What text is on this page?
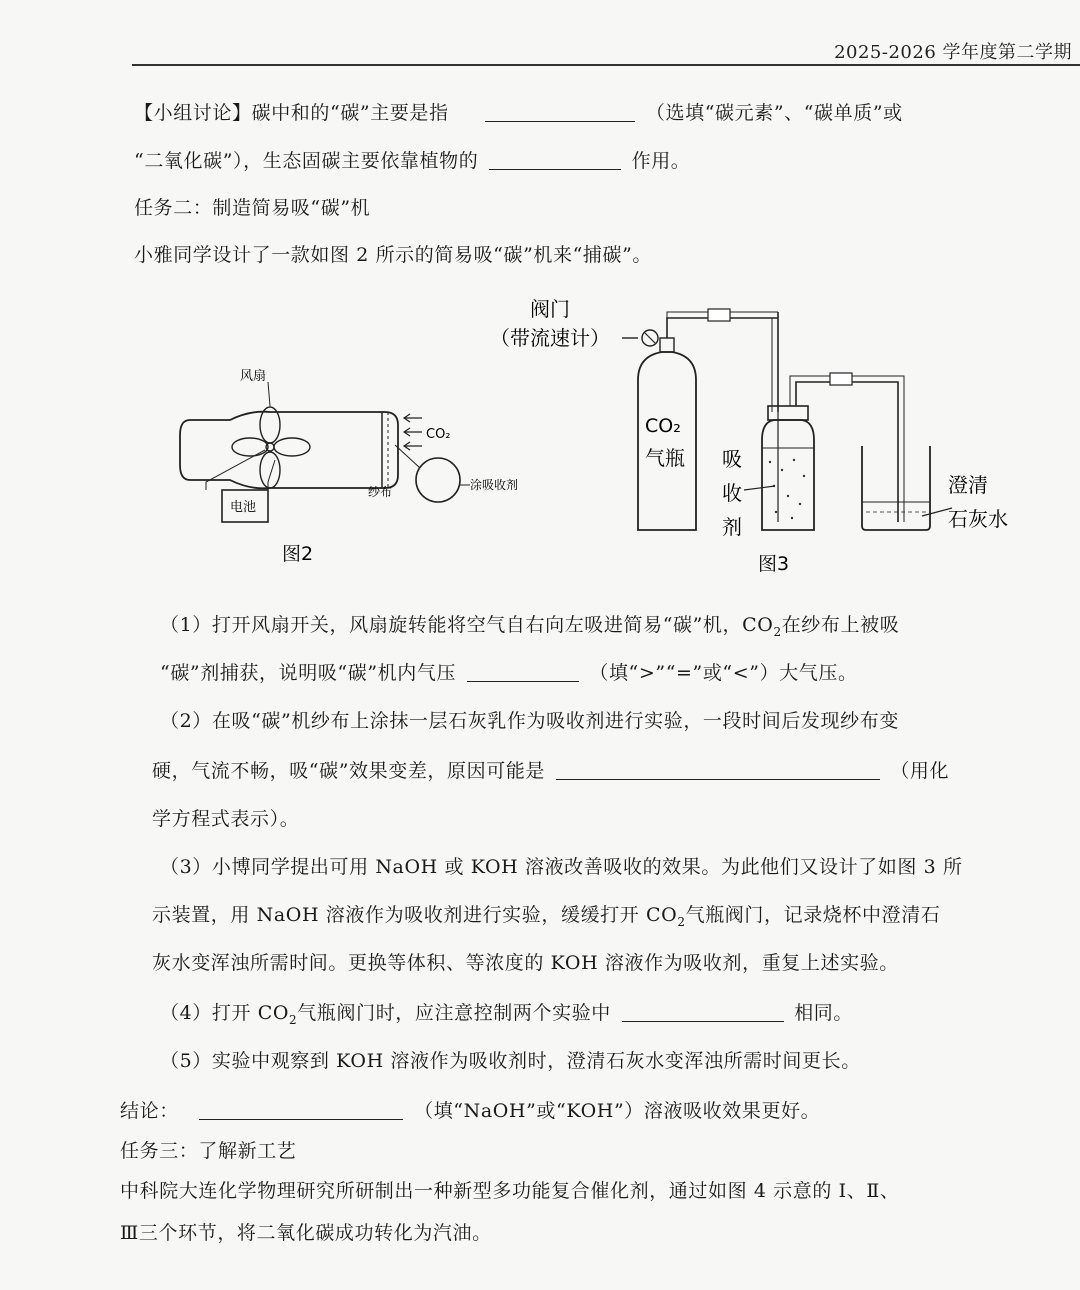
2025-2026 学年度第二学期
【小组讨论】碳中和的“碳”主要是指	（选填“碳元素”、“碳单质”或
“二氧化碳”），生态固碳主要依靠植物的	作用。
任务二：制造简易吸“碳”机
小雅同学设计了一款如图 2 所示的简易吸“碳”机来“捕碳”。
风扇
CO₂
电池
涂吸收剂
纱布
图2
阀门
（带流速计）
CO₂
气瓶 吸
收
剂
澄清
石灰水
图3
（1）打开风扇开关，风扇旋转能将空气自右向左吸进简易“碳”机，$CO_2$在纱布上被吸
“碳”剂捕获，说明吸“碳”机内气压	（填“>”“=”或“<”）大气压。
（2）在吸“碳”机纱布上涂抹一层石灰乳作为吸收剂进行实验，一段时间后发现纱布变
硬，气流不畅，吸“碳”效果变差，原因可能是	（用化
学方程式表示）。
（3）小博同学提出可用 NaOH 或 KOH 溶液改善吸收的效果。为此他们又设计了如图 3 所
示装置，用 NaOH 溶液作为吸收剂进行实验，缓缓打开 $CO_2$气瓶阀门，记录烧杯中澄清石
灰水变浑浊所需时间。更换等体积、等浓度的 KOH 溶液作为吸收剂，重复上述实验。
（4）打开 $CO_2$气瓶阀门时，应注意控制两个实验中	相同。
（5）实验中观察到 KOH 溶液作为吸收剂时，澄清石灰水变浑浊所需时间更长。
结论：	（填“NaOH”或“KOH”）溶液吸收效果更好。
任务三：了解新工艺
中科院大连化学物理研究所研制出一种新型多功能复合催化剂，通过如图 4 示意的 Ⅰ、Ⅱ、
Ⅲ三个环节，将二氧化碳成功转化为汽油。
